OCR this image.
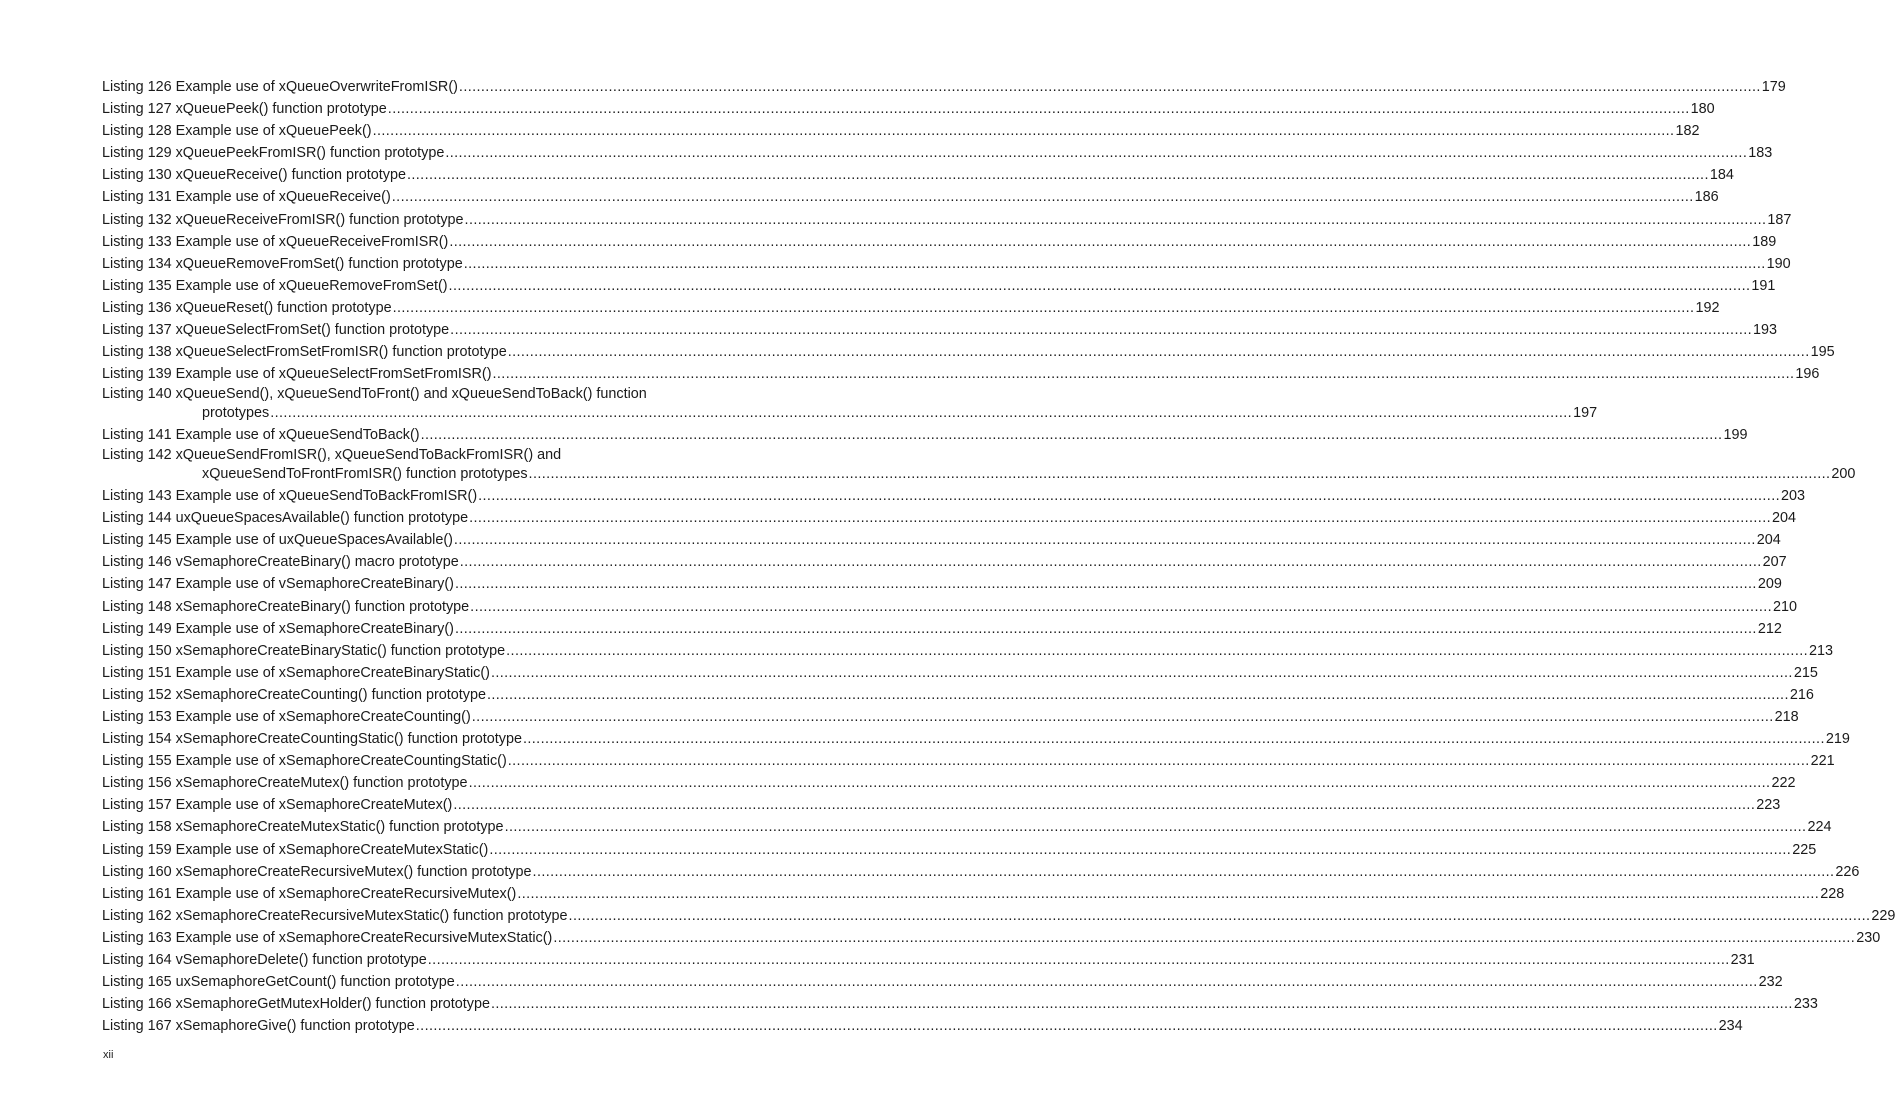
Listing 126 Example use of xQueueOverwriteFromISR() .....	179
Listing 127 xQueuePeek() function prototype .....	180
Listing 128 Example use of xQueuePeek() .....	182
Listing 129 xQueuePeekFromISR() function prototype .....	183
Listing 130 xQueueReceive() function prototype .....	184
Listing 131 Example use of xQueueReceive() .....	186
Listing 132 xQueueReceiveFromISR() function prototype .....	187
Listing 133 Example use of xQueueReceiveFromISR() .....	189
Listing 134 xQueueRemoveFromSet() function prototype .....	190
Listing 135 Example use of xQueueRemoveFromSet() .....	191
Listing 136 xQueueReset() function prototype .....	192
Listing 137 xQueueSelectFromSet() function prototype .....	193
Listing 138 xQueueSelectFromSetFromISR() function prototype .....	195
Listing 139 Example use of xQueueSelectFromSetFromISR() .....	196
Listing 140 xQueueSend(), xQueueSendToFront() and xQueueSendToBack() function
prototypes .....	197
Listing 141 Example use of xQueueSendToBack() .....	199
Listing 142 xQueueSendFromISR(), xQueueSendToBackFromISR() and
xQueueSendToFrontFromISR() function prototypes .....	200
Listing 143 Example use of xQueueSendToBackFromISR() .....	203
Listing 144 uxQueueSpacesAvailable() function prototype .....	204
Listing 145 Example use of uxQueueSpacesAvailable() .....	204
Listing 146 vSemaphoreCreateBinary() macro prototype .....	207
Listing 147 Example use of vSemaphoreCreateBinary() .....	209
Listing 148 xSemaphoreCreateBinary() function prototype .....	210
Listing 149 Example use of xSemaphoreCreateBinary() .....	212
Listing 150 xSemaphoreCreateBinaryStatic() function prototype .....	213
Listing 151 Example use of xSemaphoreCreateBinaryStatic() .....	215
Listing 152 xSemaphoreCreateCounting() function prototype .....	216
Listing 153 Example use of xSemaphoreCreateCounting() .....	218
Listing 154 xSemaphoreCreateCountingStatic() function prototype .....	219
Listing 155 Example use of xSemaphoreCreateCountingStatic() .....	221
Listing 156 xSemaphoreCreateMutex() function prototype .....	222
Listing 157 Example use of xSemaphoreCreateMutex() .....	223
Listing 158 xSemaphoreCreateMutexStatic() function prototype .....	224
Listing 159 Example use of xSemaphoreCreateMutexStatic() .....	225
Listing 160 xSemaphoreCreateRecursiveMutex() function prototype .....	226
Listing 161 Example use of xSemaphoreCreateRecursiveMutex() .....	228
Listing 162 xSemaphoreCreateRecursiveMutexStatic() function prototype .....	229
Listing 163 Example use of xSemaphoreCreateRecursiveMutexStatic() .....	230
Listing 164 vSemaphoreDelete() function prototype .....	231
Listing 165 uxSemaphoreGetCount() function prototype .....	232
Listing 166 xSemaphoreGetMutexHolder() function prototype .....	233
Listing 167 xSemaphoreGive() function prototype .....	234
xii
